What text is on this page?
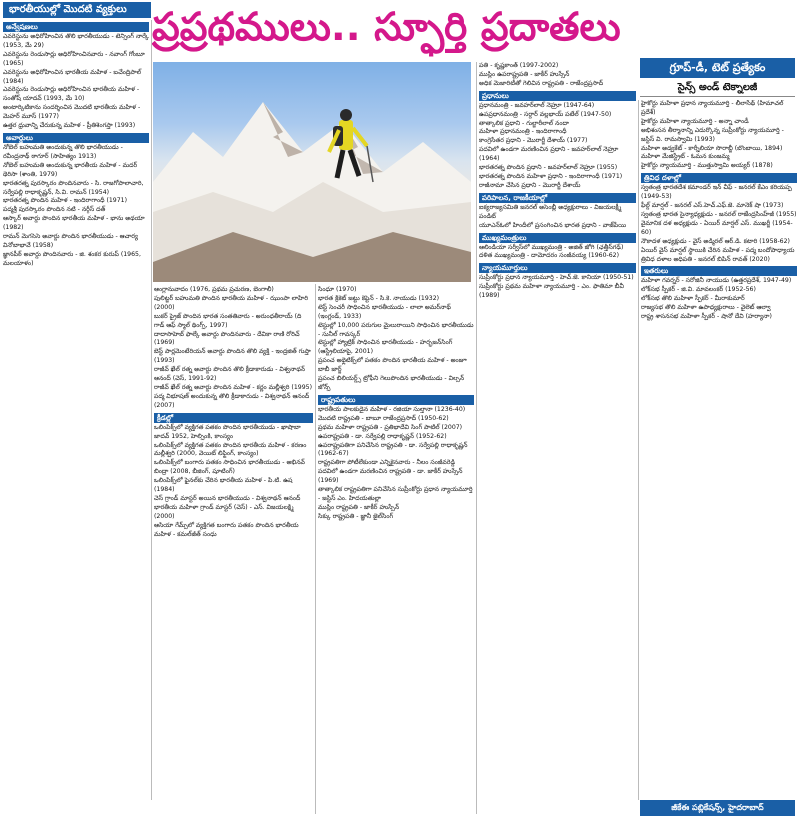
భారతీయుల్లో మొదటి వ్యక్తులు ప్రప్రథములు.. స్ఫూర్తి ప్రదాతలు
గ్రూప్‌-డీ, టెట్‌ ప్రత్యేకం
సైన్స్‌ అండ్‌ టెక్నాలజీ
అన్వేషణలు

ఎవరెస్టును అధిరోహించిన తొలి భారతీయుడు - టెన్సింగ్‌ నార్కే (1953, మే 29)

ఎవరెస్టును రెండుసార్లు అధిరోహించినవారు - నవాంగ్‌ గోంబూ (1965)

ఎవరెస్టును అధిరోహించిన భారతీయ మహిళ - బచేంద్రిపాల్‌ (1984)

ఎవరెస్టును రెండుసార్లు అధిరోహించిన భారతీయ మహిళ - సంతోష్‌ యాదవ్‌ (1993, మే 10)

అంటార్కిటికాను సందర్శించిన మొదటి భారతీయ మహిళ - మెహర్‌ మూస్‌ (1977)

ఉత్తర ధ్రువాన్ని చేరుకున్న మహిళ - ప్రీతిశెంగప్తా (1993)

అవార్డులు

నోబెల్‌ బహుమతి అందుకున్న తొలి భారతీయుడు - రవీంద్రనాథ్‌ ఠాగూర్‌ (సాహిత్యం 1913)

నోబెల్‌ బహుమతి అందుకున్న భారతీయ మహిళ - మదర్‌ థెరిసా (శాంతి, 1979)

భారతరత్న పురస్కారం పొందినవారు - సి. రాజగోపాలాచారి, సర్వేపల్లి రాధాకృష్ణన్‌, సి.వి. రామన్‌ (1954)

భారతరత్న పొందిన మహిళ - ఇందిరాగాంధీ (1971)

పద్మశ్రీ పురస్కారం పొందిన నటి - నర్గీస్‌ దత్‌

ఆస్కార్‌ అవార్డు పొందిన భారతీయ మహిళ - భాను అథయా (1982)

రామన్‌ మెగసెసె అవార్డు పొందిన భారతీయుడు - ఆచార్య వినోబాభావే (1958)

జ్ఞానపీఠ్‌ అవార్డు పొందినవారు - జి. శంకర కురుప్‌ (1965, మలయాళం)

ఆంగ్లానువాదం (1976, ప్రథమ ప్రచురణ, బెంగాలీ)

పులిట్జర్‌ బహుమతి పొందిన భారతీయ మహిళ - ఝుంపా లాహిరి (2000)

బుకర్‌ ప్రైజ్‌ పొందిన భారత సంతతివారు - అరుంధతీరాయ్‌ (ది గాడ్‌ ఆఫ్‌ స్మాల్‌ థింగ్స్‌, 1997)

దాదాసాహెబ్‌ ఫాల్కే అవార్డు పొందినవారు - దేవికా రాణి రోరిచ్‌ (1969)

బెస్ట్‌ పార్లమెంటేరియన్‌ అవార్డు పొందిన తొలి వ్యక్తి - ఇంద్రజిత్‌ గుప్తా (1993)

రాజీవ్‌ ఖేల్‌ రత్న అవార్డు పొందిన తొలి క్రీడాకారుడు - విశ్వనాథన్‌ ఆనంద్‌ (చెస్‌, 1991-92)

రాజీవ్‌ ఖేల్‌ రత్న అవార్డు పొందిన మహిళ - కర్ణం మల్లీశ్వరి (1995)

పద్మ విభూషణ్‌ అందుకున్న తొలి క్రీడాకారుడు - విశ్వనాథన్‌ ఆనంద్‌ (2007)

క్రీడల్లో

ఒలింపిక్స్‌లో వ్యక్తిగత పతకం పొందిన భారతీయుడు - ఖాషాబా జాదవ్‌ 1952, హెల్సింకి, కాంస్యం

ఒలింపిక్స్‌లో వ్యక్తిగత పతకం పొందిన భారతీయ మహిళ - కరణం మల్లీశ్వరి (2000, వెయిట్‌ లిఫ్టింగ్‌, కాంస్యం)

ఒలింపిక్స్‌లో బంగారు పతకం సాధించిన భారతీయుడు - అభినవ్‌ బింద్రా (2008, బీజింగ్‌, షూటింగ్‌)

ఒలింపిక్స్‌లో ఫైనల్‌కు చేరిన భారతీయ మహిళ - పి.టి. ఉష (1984)

చెస్‌ గ్రాండ్‌ మాస్టర్‌ అయిన భారతీయుడు - విశ్వనాథన్‌ ఆనంద్‌

భారతీయ మహిళా గ్రాండ్‌ మాస్టర్‌ (చెస్‌) - ఎస్‌. విజయలక్ష్మి (2000)

ఆసియా గేమ్స్‌లో వ్యక్తిగత బంగారు పతకం పొందిన భారతీయ మహిళ - కమల్‌జీత్‌ సంధు

సింధూ (1970)

భారత క్రికెట్‌ జట్టు కెప్టెన్‌ - సి.కె. నాయుడు (1932)

టెస్ట్‌ సెంచరీ సాధించిన భారతీయుడు - లాలా అమర్‌నాథ్‌ (ఇంగ్లండ్‌, 1933)

టెస్టుల్లో 10,000 పరుగుల మైలురాయిని సాధించిన భారతీయుడు - సునీల్‌ గావస్కర్‌

టెస్టుల్లో హ్యాట్రిక్‌ సాధించిన భారతీయుడు - హర్భజన్‌సింగ్‌ (ఆస్ట్రేలియాపై, 2001)

ప్రపంచ అథ్లెటిక్స్‌లో పతకం పొందిన భారతీయ మహిళ - అంజూ బాబీ జార్జ్‌

ప్రపంచ బిలియర్డ్స్‌ ట్రోఫీని గెలుపొందిన భారతీయుడు - విల్సన్‌ జోన్స్‌

రాష్ట్రపతులు

భారతీయ పాలకుడైన మహిళ - రజియా సుల్తానా (1236-40)

మొదటి రాష్ట్రపతి - బాబూ రాజేంద్రప్రసాద్‌ (1950-62)

ప్రథమ మహిళా రాష్ట్రపతి - ప్రతిభాదేవి సింగ్‌ పాటిల్‌ (2007)

ఉపరాష్ట్రపతి - డా. సర్వేపల్లి రాధాకృష్ణన్‌ (1952-62)

ఉపరాష్ట్రపతిగా పనిచేసిన రాష్ట్రపతి - డా. సర్వేపల్లి రాధాకృష్ణన్‌ (1962-67)

రాష్ట్రపతిగా పోటీలేకుండా ఎన్నికైనవారు - నీలం సంజీవరెడ్డి

పదవిలో ఉండగా మరణించిన రాష్ట్రపతి - డా. జాకీర్‌ హుస్సేన్‌ (1969)

తాత్కాలిక రాష్ట్రపతిగా పనిచేసిన సుప్రీంకోర్టు ప్రధాన న్యాయమూర్తి - జస్టిస్‌ ఎం. హిదయతుల్లా

ముస్లిం రాష్ట్రపతి - జాకీర్‌ హుస్సేన్‌

సిక్కు రాష్ట్రపతి - జ్ఞానీ జైల్‌సింగ్‌

పతి - కృష్ణకాంత్‌ (1997-2002)

ముస్లిం ఉపరాష్ట్రపతి - జాకీర్‌ హుస్సేన్‌

అధిక మెజారిటీతో గెలిచిన రాష్ట్రపతి - రాజేంద్రప్రసాద్‌

ప్రధానులు

ప్రధానమంత్రి - జవహర్‌లాల్‌ నెహ్రూ (1947-64)

ఉపప్రధానమంత్రి - సర్దార్‌ వల్లభాయ్‌ పటేల్‌ (1947-50)

తాత్కాలిక ప్రధాని - గుల్జారీలాల్‌ నందా

మహిళా ప్రధానమంత్రి - ఇందిరాగాంధీ

కాంగ్రెసేతర ప్రధాని - మొరార్జీ దేశాయ్‌ (1977)

పదవిలో ఉండగా మరణించిన ప్రధాని - జవహర్‌లాల్‌ నెహ్రూ (1964)

భారతరత్న పొందిన ప్రధాని - జవహర్‌లాల్‌ నెహ్రూ (1955)

భారతరత్న పొందిన మహిళా ప్రధాని - ఇందిరాగాంధీ (1971)

రాజీనామా చేసిన ప్రధాని - మొరార్జీ దేశాయ్‌

పరిపాలన, రాజకీయాల్లో

ఐక్యరాజ్యసమితి జనరల్‌ అసెంబ్లీ అధ్యక్షురాలు - విజయలక్ష్మీ పండిట్‌

యూఎన్‌ఓలో హిందీలో ప్రసంగించిన భారత ప్రధాని - వాజ్‌పేయి

ముఖ్యమంత్రులు

ఆలిండియా సర్వీస్‌లో ముఖ్యమంత్రి - అజిత్‌ జోగి (ఛత్తీస్‌గఢ్‌)

దళిత ముఖ్యమంత్రి - దామోదరం సంజీవయ్య (1960-62)

న్యాయమూర్తులు

సుప్రీంకోర్టు ప్రధాన న్యాయమూర్తి - హెచ్‌.జె. కానియా (1950-51)

సుప్రీంకోర్టు ప్రథమ మహిళా న్యాయమూర్తి - ఎం. ఫాతిమా బీవీ (1989)

హైకోర్టు మహిళా ప్రధాన న్యాయమూర్తి - లీలాసేథ్‌ (హిమాచల్‌ ప్రదేశ్‌)

హైకోర్టు మహిళా న్యాయమూర్తి - అన్నా చాండీ

అభిశంసన తీర్మానాన్ని ఎదుర్కొన్న సుప్రీంకోర్టు న్యాయమూర్తి - జస్టిస్‌ వి. రామస్వామి (1993)

మహిళా అడ్వకేట్‌ - కార్నీలియా సొరాబ్జీ (బొంబాయి, 1894)

మహిళా మేజిస్ట్రేట్‌ - ఓమన కుంజమ్మ

హైకోర్టు న్యాయమూర్తి - ముత్తుస్వామి అయ్యర్‌ (1878)

త్రివిధ దళాల్లో

స్వతంత్ర భారతదేశ కమాండర్‌ ఇన్‌ చీఫ్‌ - జనరల్‌ కేఎం కరియప్ప (1949-53)

ఫీల్డ్‌ మార్షల్‌ - జనరల్‌ ఎస్‌.హెచ్‌.ఎఫ్‌.జె. మానెక్‌ షా (1973)

స్వతంత్ర భారత సైన్యాధ్యక్షుడు - జనరల్‌ రాజేంద్రసింహ్‌జీ (1955)

వైమానిక దళ అధ్యక్షుడు - ఏయిర్‌ మార్షల్‌ ఎస్‌. ముఖర్జీ (1954-60)

నౌకాదళ అధ్యక్షుడు - వైస్‌ అడ్మిరల్‌ ఆర్‌.డి. కటారి (1958-62)

ఏయిర్‌ వైస్‌ మార్షల్‌ స్థాయికి చేరిన మహిళ - పద్మ బందోపాధ్యాయ

త్రివిధ దళాల అధిపతి - జనరల్‌ బిపిన్‌ రావత్‌ (2020)

ఇతరులు

మహిళా గవర్నర్‌ - సరోజినీ నాయుడు (ఉత్తరప్రదేశ్‌, 1947-49)

లోక్‌సభ స్పీకర్‌ - జి.వి. మావలంకర్‌ (1952-56)

లోక్‌సభ తొలి మహిళా స్పీకర్‌ - మీరాకుమార్‌

రాజ్యసభ తొలి మహిళా ఉపాధ్యక్షురాలు - వైలెట్‌ ఆల్వా

రాష్ట్ర శాసనసభ మహిళా స్పీకర్‌ - షానో దేవి (హర్యానా)

జీకేఈ పబ్లికేషన్స్‌, హైదరాబాద్‌
